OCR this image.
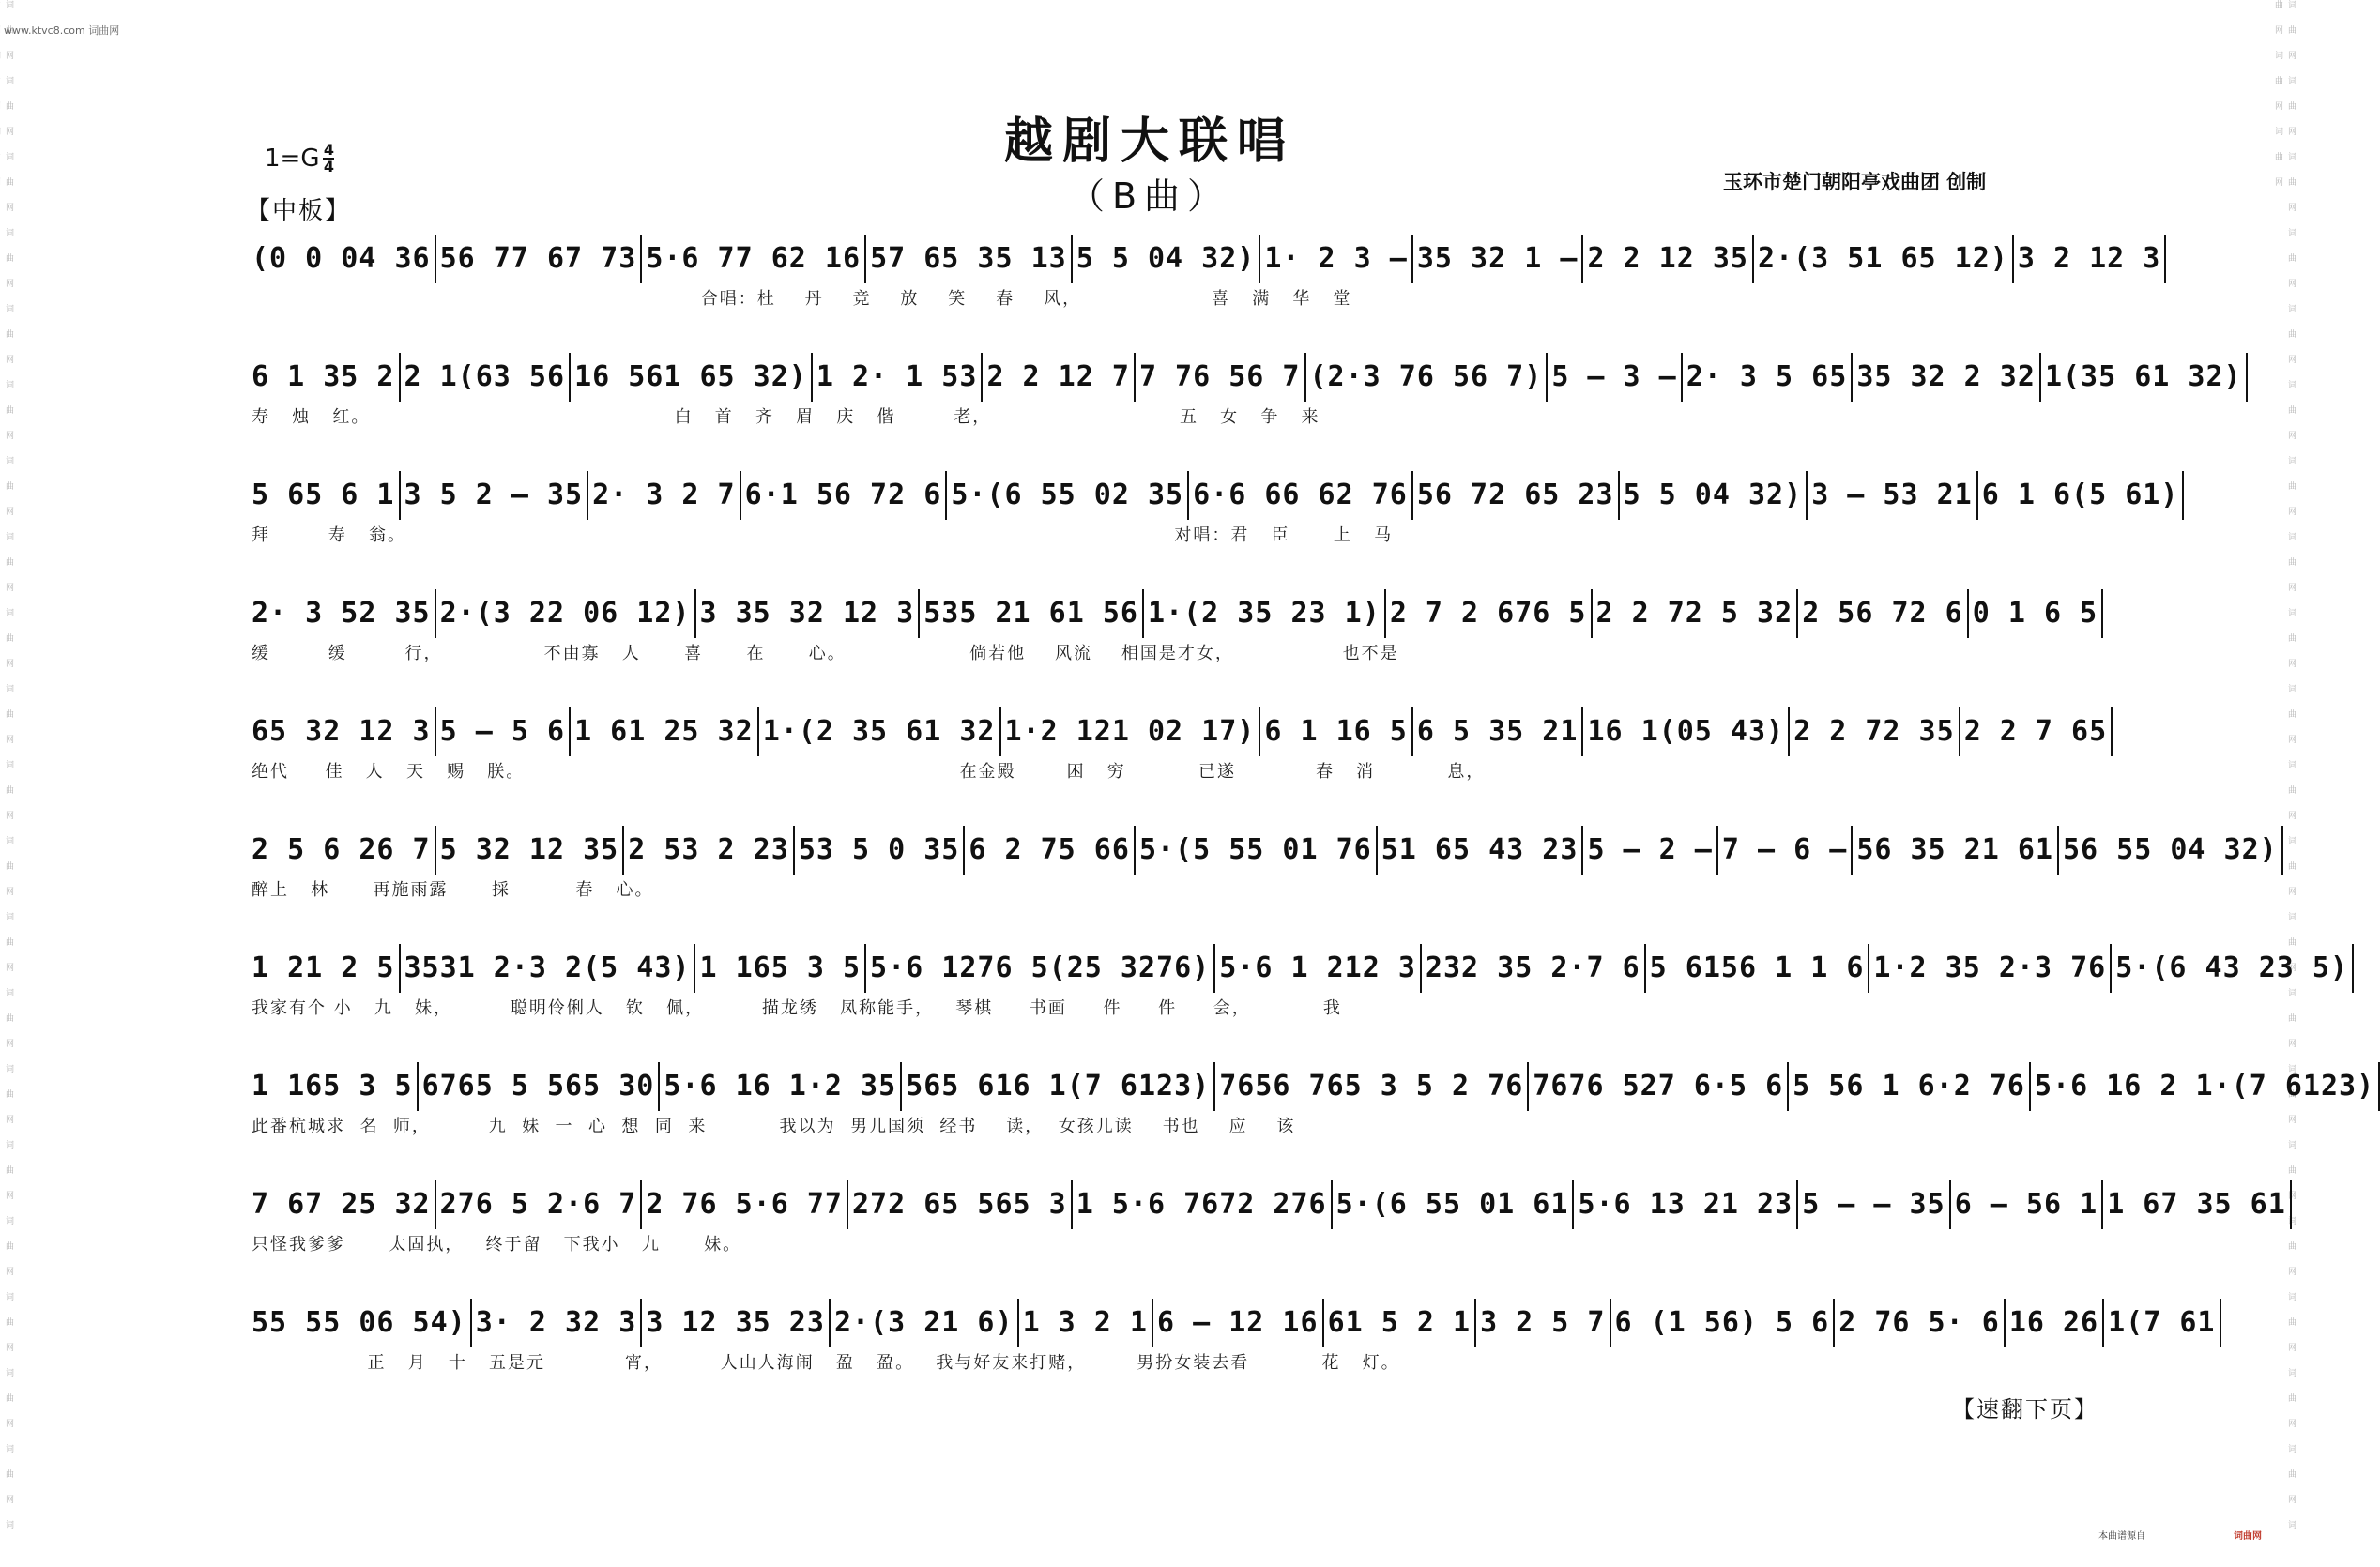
词曲网词曲网词曲网词曲网词曲网词曲网词曲网词曲网词曲网词曲网词曲网词曲网词曲网词曲网词曲网词曲网词曲网词曲网词曲网词曲网词	词曲网词曲网词曲网词曲网词曲网词曲网词曲网词曲网词曲网词曲网词曲网词曲网词曲网词曲网词曲网词曲网词曲网词曲网词曲网词曲网词曲网词曲网词曲网
www.ktvc8.com 词曲网
$1=G \frac{4}{4}$
【中板】
越剧大联唱
（B曲）	玉环市楚门朝阳亭戏曲团 创制
(0 0 04 36 56 77 67 73 5·6 77 62 16 57 65 35 13 5 5 04 32) 1· 2 3 – 35 32 1 – 2 2 12 35 2·(3 51 65 12) 3 2 12 3
合唱：杜    丹    竞    放    笑    春    风，                  喜   满   华   堂
6 1 35 2 2 1(63 56 16 561 65 32) 1 2· 1 53 2 2 12 7 7 76 56 7 (2·3 76 56 7) 5 – 3 – 2· 3 5 65 35 32 2 32 1(35 61 32)
寿   烛   红。                                          白   首   齐   眉   庆   偕        老，                          五   女   争   来
5 65 6 1 3 5 2 – 35 2· 3 2 7 6·1 56 72 6 5·(6 55 02 35 6·6 66 62 76 56 72 65 23 5 5 04 32) 3 – 53 21 6 1 6(5 61)
拜        寿   翁。                                                                                                          对唱：君   臣      上   马
2· 3 52 35 2·(3 22 06 12) 3 35 32 12 3 535 21 61 56 1·(2 35 23 1) 2 7 2 676 5 2 2 72 5 32 2 56 72 6 0 1 6 5
缓        缓        行，              不由寡   人      喜      在      心。                 倘若他    风流    相国是才女，               也不是
65 32 12 3 5 – 5 6 1 61 25 32 1·(2 35 61 32 1·2 121 02 17) 6 1 16 5 6 5 35 21 16 1(05 43) 2 2 72 35 2 2 7 65
绝代     佳   人   天   赐   朕。                                                            在金殿       困   穷          已遂           春   消          息，
2 5 6 26 7 5 32 12 35 2 53 2 23 53 5 0 35 6 2 75 66 5·(5 55 01 76 51 65 43 23 5 – 2 – 7 – 6 – 56 35 21 61 56 55 04 32)
醉上   林      再施雨露      採         春   心。
1 21 2 5 3531 2·3 2(5 43) 1 165 3 5 5·6 1276 5(25 3276) 5·6 1 212 3 232 35 2·7 6 5 6156 1 1 6 1·2 35 2·3 76 5·(6 43 23 5)
我家有个 小   九   妹，        聪明伶俐人   钦   佩，        描龙绣   凤称能手，   琴棋     书画     件     件     会，          我
1 165 3 5 6765 5 565 30 5·6 16 1·2 35 565 616 1(7 6123) 7656 765 3 5 2 76 7676 527 6·5 6 5 56 1 6·2 76 5·6 16 2 1·(7 6123)
此番杭城求  名  师，        九  妹  一  心  想  同  来          我以为  男儿国须  经书    读，  女孩儿读    书也    应    该
7 67 25 32 276 5 2·6 7 2 76 5·6 77 272 65 565 3 1 5·6 7672 276 5·(6 55 01 61 5·6 13 21 23 5 – – 35 6 – 56 1 1 67 35 61
只怪我爹爹      太固执，   终于留   下我小   九      妹。
55 55 06 54) 3· 2 32 3 3 12 35 23 2·(3 21 6) 1 3 2 1 6 – 12 16 61 5 2 1 3 2 5 7 6 (1 56) 5 6 2 76 5· 6 16 26 1(7 61
正   月   十   五是元           宵，        人山人海闹   盈   盈。   我与好友来打赌，       男扮女装去看          花   灯。
【速翻下页】
本曲谱源自	词曲网
